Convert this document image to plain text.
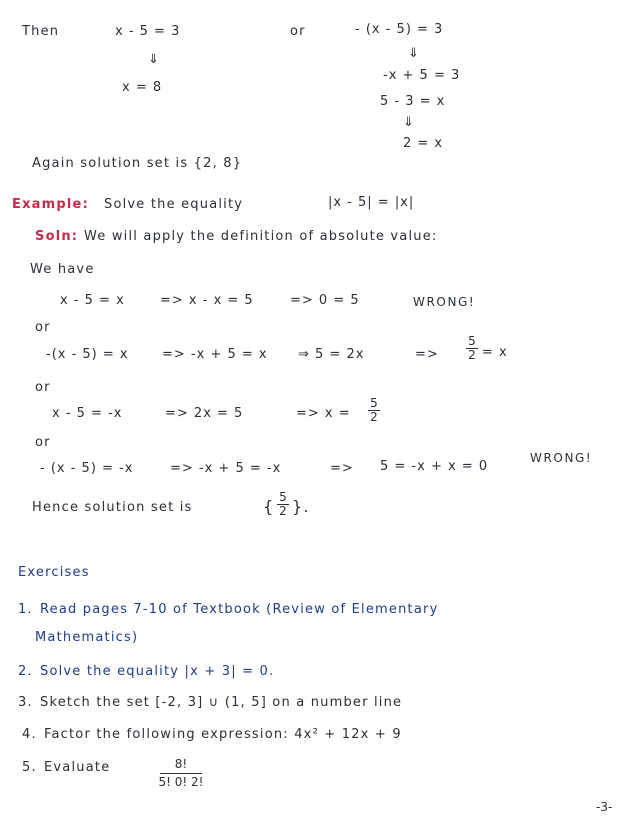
Then	x - 5 = 3
⇓
x = 8
or	- (x - 5) = 3
⇓
-x + 5 = 3
5 - 3 = x
⇓
2 = x
Again solution set is {2, 8}
Example: Solve the equality	|x - 5| = |x|
Soln: We will apply the definition of absolute value:
We have
x - 5 = x	=> x - x = 5	=> 0 = 5	WRONG!
or
-(x - 5) = x	=> -x + 5 = x ⇒ 5 = 2x	=>
5
2 = x
or
x - 5 = -x	=> 2x = 5	=> x =
5
2
or
- (x - 5) = -x	=> -x + 5 = -x	=> 5 = -x + x = 0
WRONG!
Hence solution set is	{ 5
2 }.
Exercises
1. Read pages 7-10 of Textbook (Review of Elementary
Mathematics)
2. Solve the equality |x + 3| = 0.
3. Sketch the set [-2, 3] ∪ (1, 5] on a number line
4. Factor the following expression: 4x² + 12x + 9
5. Evaluate	8!
5! 0! 2!
-3-
